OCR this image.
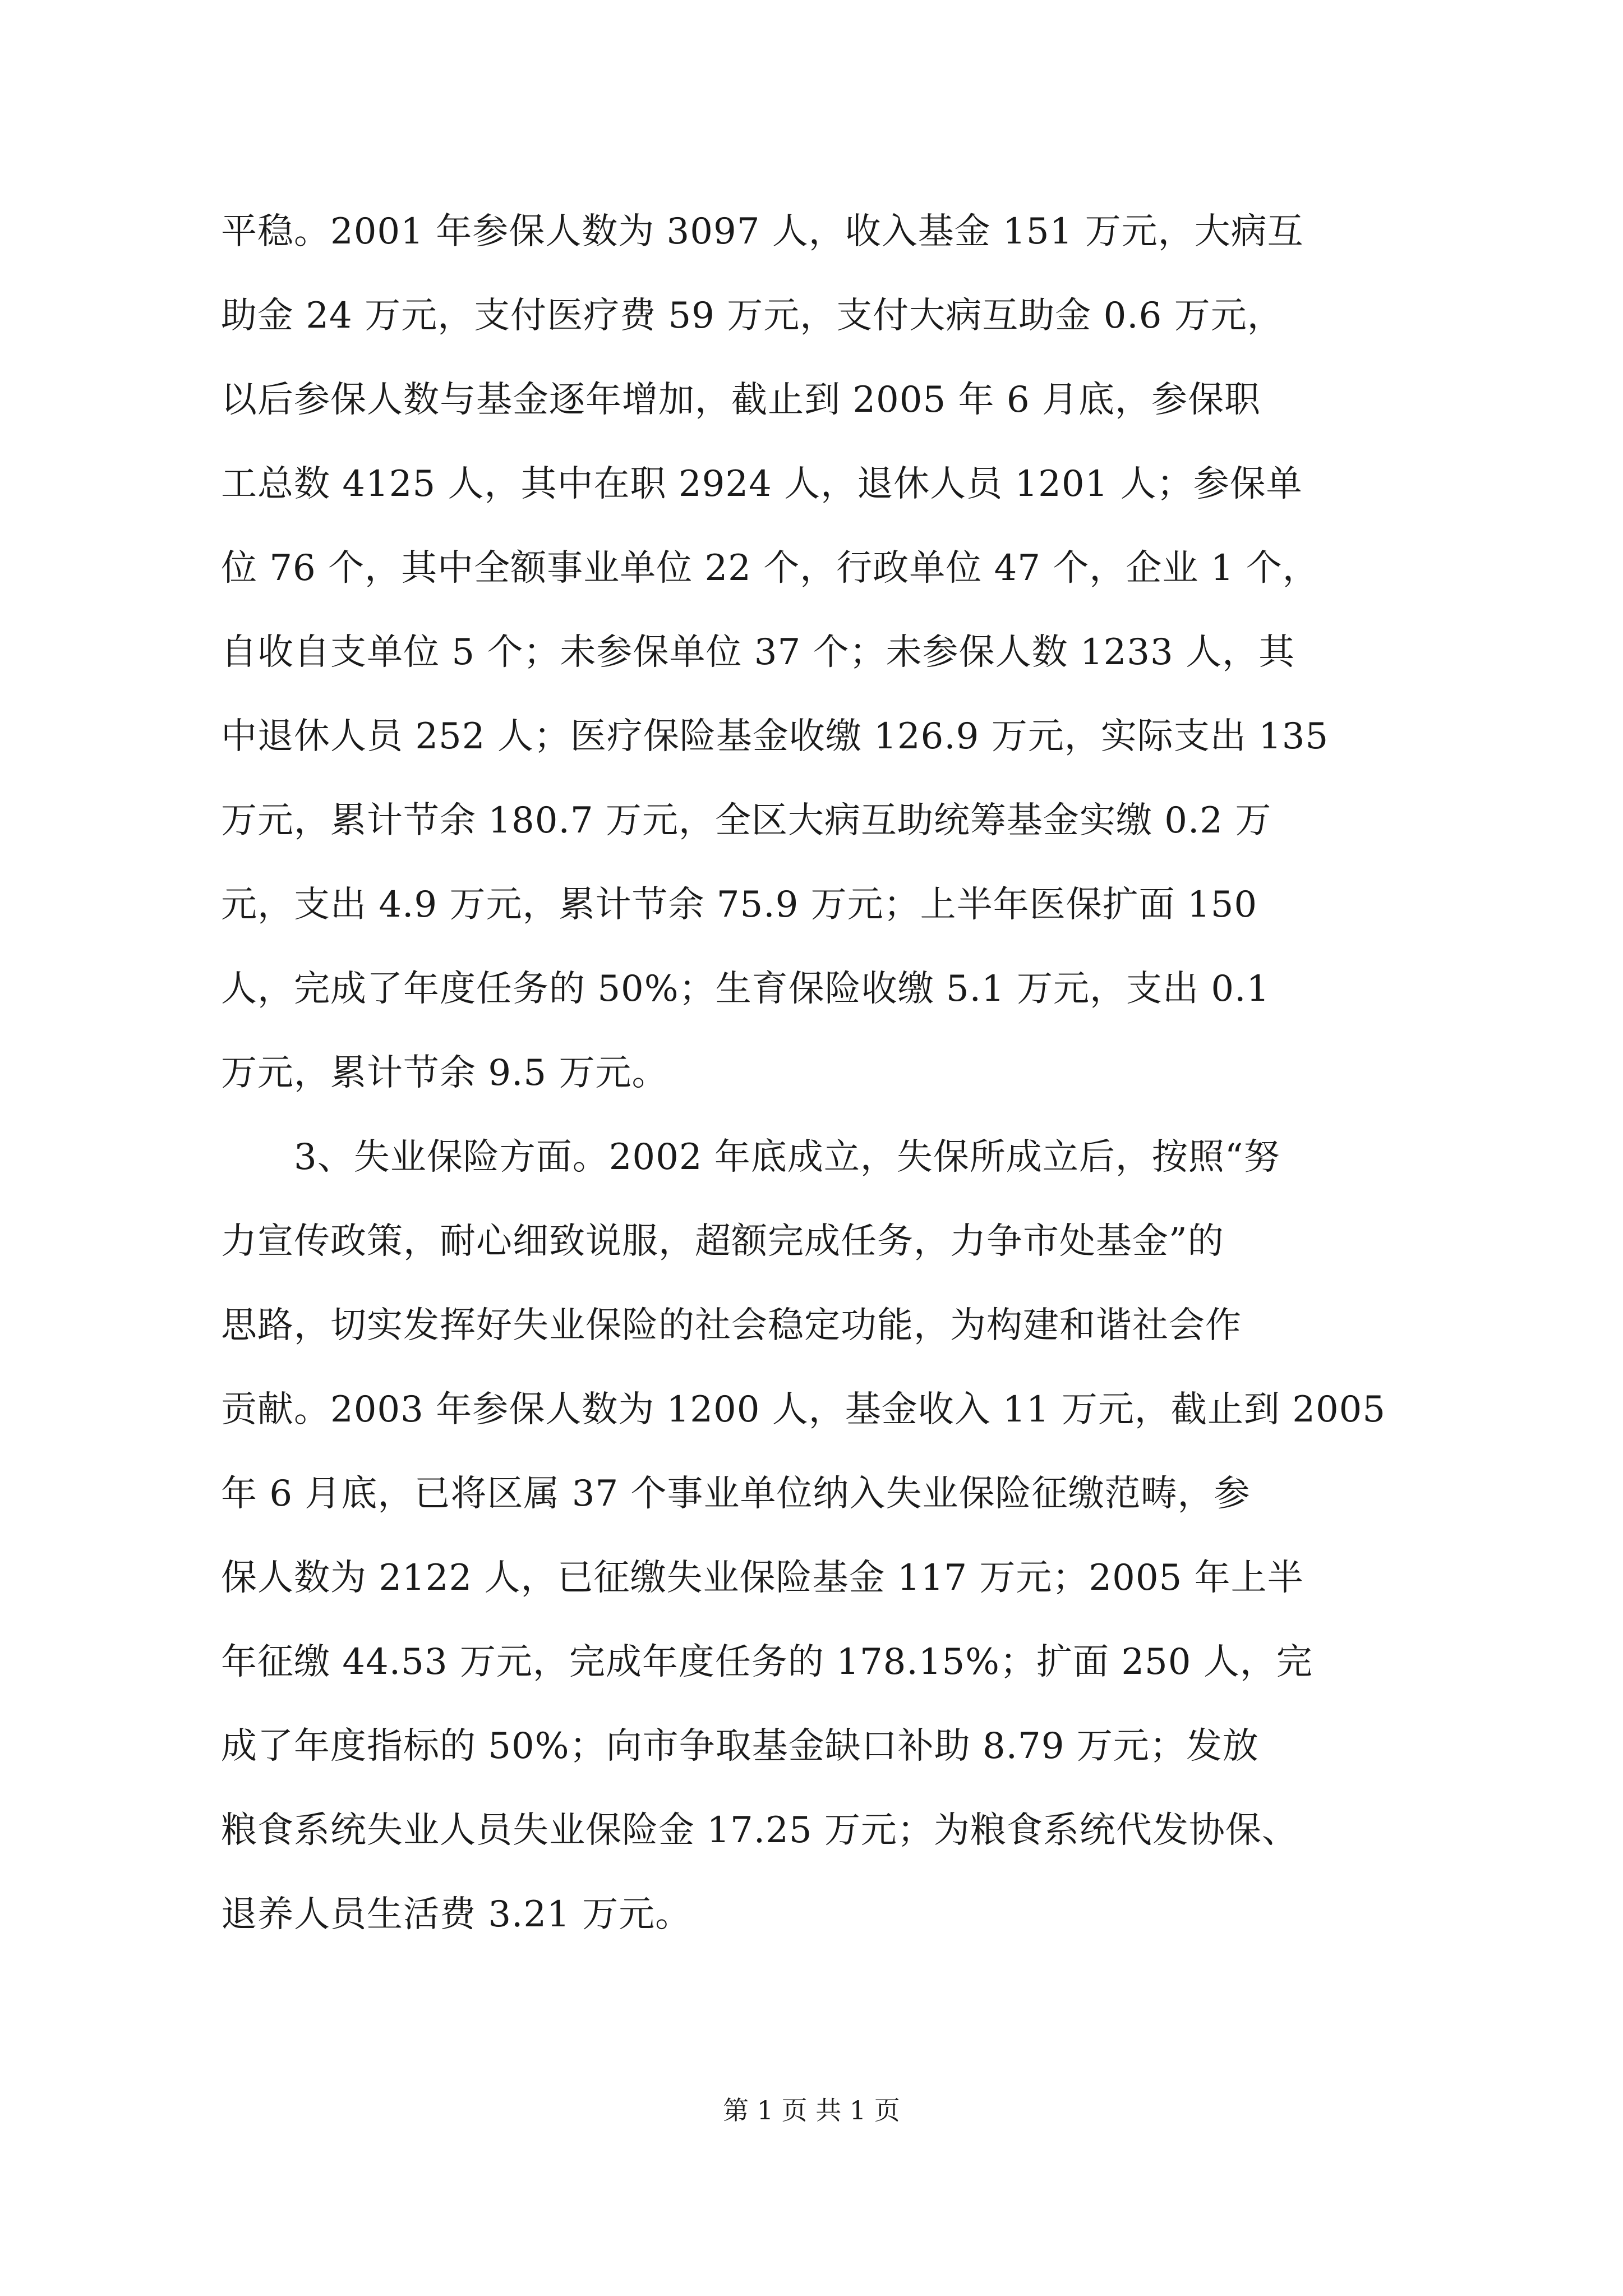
平稳。2001 年参保人数为 3097 人，收入基金 151 万元，大病互
助金 24 万元，支付医疗费 59 万元，支付大病互助金 0.6 万元，
以后参保人数与基金逐年增加，截止到 2005 年 6 月底，参保职
工总数 4125 人，其中在职 2924 人，退休人员 1201 人；参保单
位 76 个，其中全额事业单位 22 个，行政单位 47 个，企业 1 个，
自收自支单位 5 个；未参保单位 37 个；未参保人数 1233 人，其
中退休人员 252 人；医疗保险基金收缴 126.9 万元，实际支出 135
万元，累计节余 180.7 万元，全区大病互助统筹基金实缴 0.2 万
元，支出 4.9 万元，累计节余 75.9 万元；上半年医保扩面 150
人，完成了年度任务的 50%；生育保险收缴 5.1 万元，支出 0.1
万元，累计节余 9.5 万元。
3、失业保险方面。2002 年底成立，失保所成立后，按照“努
力宣传政策，耐心细致说服，超额完成任务，力争市处基金”的
思路，切实发挥好失业保险的社会稳定功能，为构建和谐社会作
贡献。2003 年参保人数为 1200 人，基金收入 11 万元，截止到 2005
年 6 月底，已将区属 37 个事业单位纳入失业保险征缴范畴，参
保人数为 2122 人，已征缴失业保险基金 117 万元；2005 年上半
年征缴 44.53 万元，完成年度任务的 178.15%；扩面 250 人，完
成了年度指标的 50%；向市争取基金缺口补助 8.79 万元；发放
粮食系统失业人员失业保险金 17.25 万元；为粮食系统代发协保、
退养人员生活费 3.21 万元。
第 1 页 共 1 页
